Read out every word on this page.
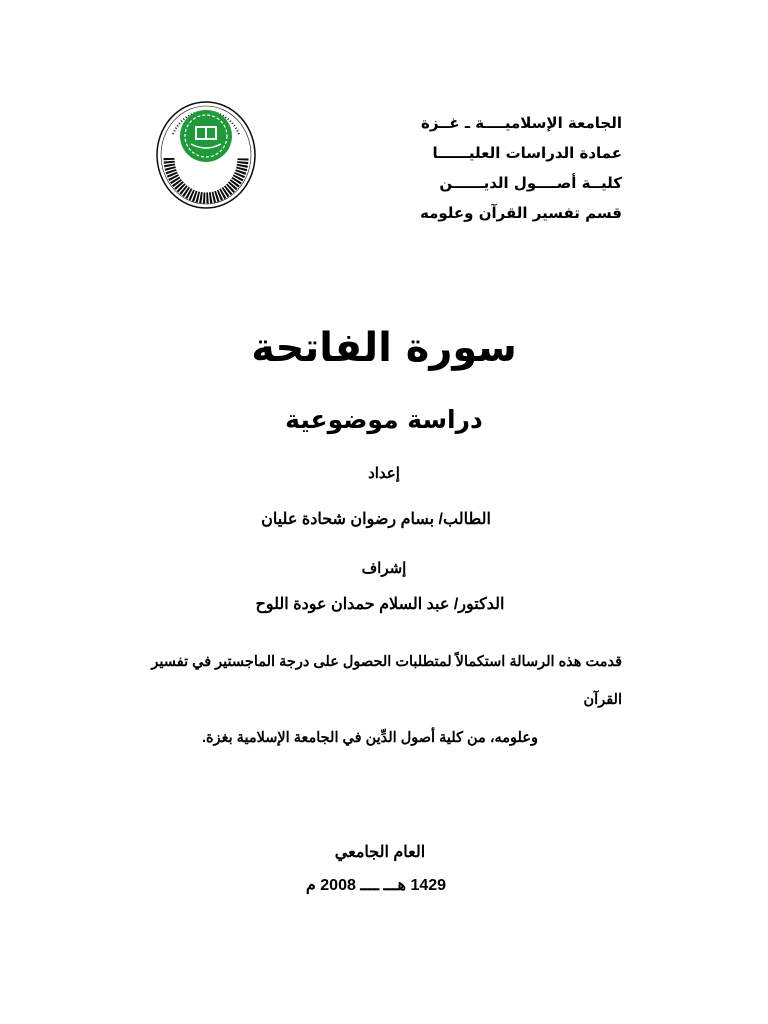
الجامعة الإسلاميــــة ـ غــزة
عمادة الدراسات العليــــــا
كليــة أصــــول الديــــــن
قسم تفسير القرآن وعلومه
سورة الفاتحة
دراسة موضوعية
إعداد
الطالب/ بسام رضوان شحادة عليان
إشراف
الدكتور/ عبد السلام حمدان عودة اللوح
قدمت هذه الرسالة استكمالاً لمتطلبات الحصول على درجة الماجستير في تفسير القرآن
وعلومه، من كلية أصول الدِّين في الجامعة الإسلامية بغزة.
العام الجامعي
1429 هـــ ــــ 2008 م
